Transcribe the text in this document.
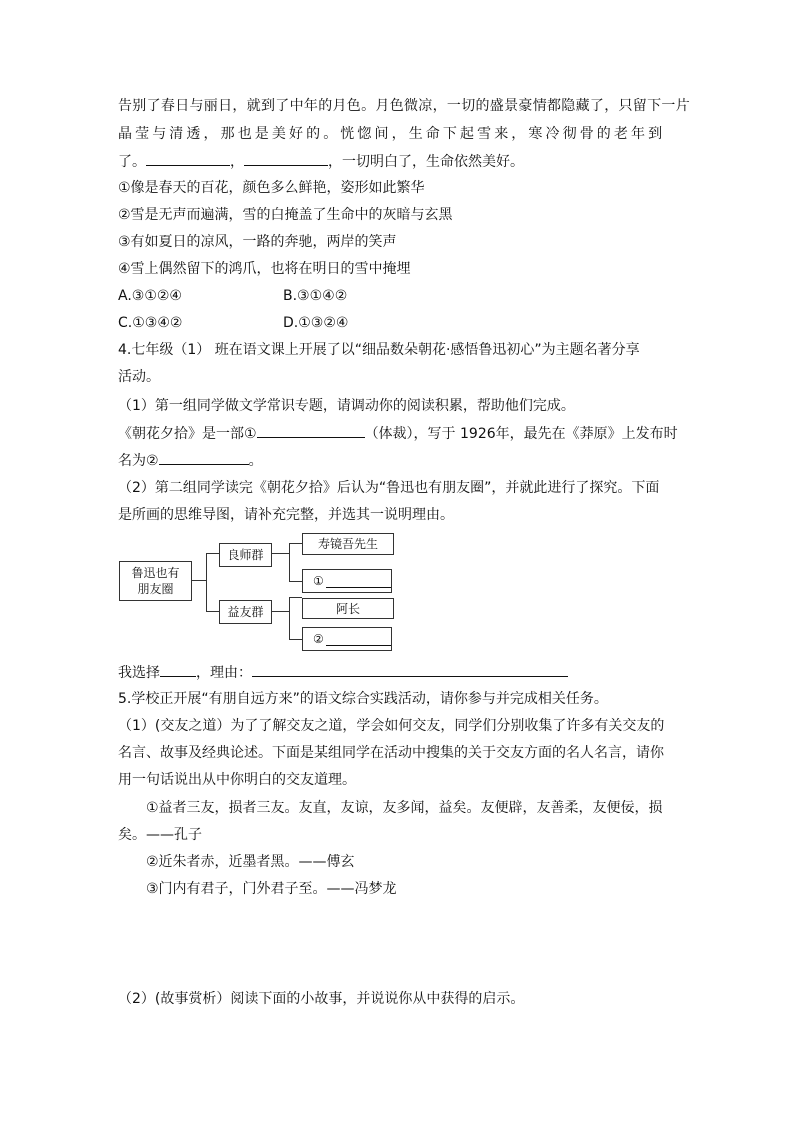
告别了春日与丽日，就到了中年的月色。月色微凉，一切的盛景豪情都隐藏了，只留下一片
晶莹与清透，那也是美好的。恍惚间，生命下起雪来，寒冷彻骨的老年到
了。	，	，一切明白了，生命依然美好。
①像是春天的百花，颜色多么鲜艳，姿形如此繁华
②雪是无声而遍满，雪的白掩盖了生命中的灰暗与玄黑
③有如夏日的凉风，一路的奔驰，两岸的笑声
④雪上偶然留下的鸿爪，也将在明日的雪中掩埋
A.③①②④	B.③①④②
C.①③④②	D.①③②④
4.七年级（1） 班在语文课上开展了以“细品数朵朝花·感悟鲁迅初心”为主题名著分享
活动。
（1）第一组同学做文学常识专题，请调动你的阅读积累，帮助他们完成。
《朝花夕拾》是一部①	（体裁），写于 1926年，最先在《莽原》上发布时
名为②	。
（2）第二组同学读完《朝花夕拾》后认为“鲁迅也有朋友圈”，并就此进行了探究。下面
是所画的思维导图，请补充完整，并选其一说明理由。
鲁迅也有
朋友圈
良师群
益友群
寿镜吾先生
①
阿长
②
我选择	，理由：
5.学校正开展“有朋自远方来”的语文综合实践活动，请你参与并完成相关任务。
（1）(交友之道）为了了解交友之道，学会如何交友，同学们分别收集了许多有关交友的
名言、故事及经典论述。下面是某组同学在活动中搜集的关于交友方面的名人名言，请你
用一句话说出从中你明白的交友道理。
①益者三友，损者三友。友直，友谅，友多闻，益矣。友便辟，友善柔，友便佞，损
矣。——孔子
②近朱者赤，近墨者黑。——傅玄
③门内有君子，门外君子至。——冯梦龙
（2）(故事赏析）阅读下面的小故事，并说说你从中获得的启示。
